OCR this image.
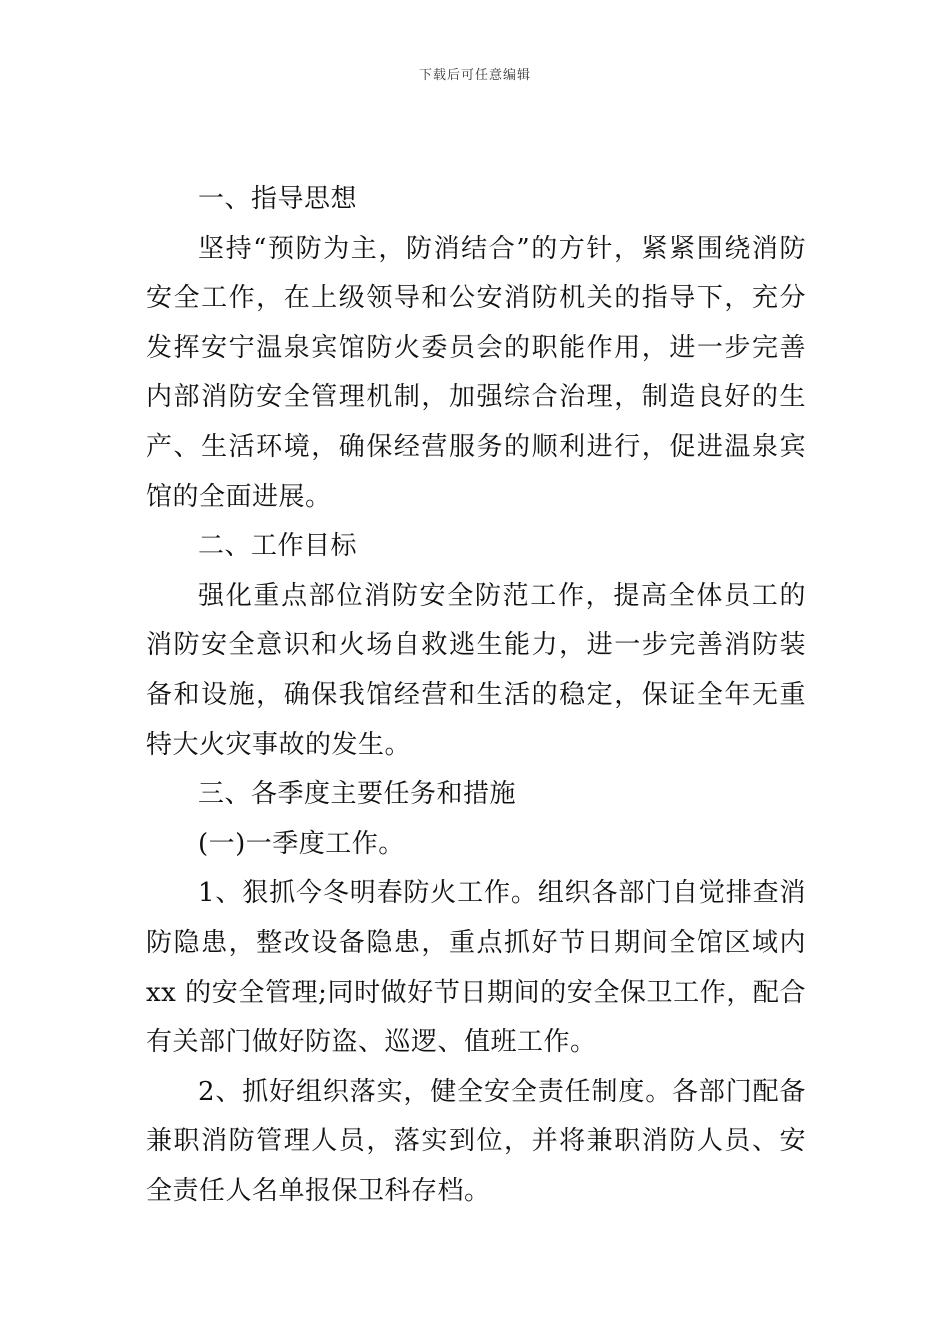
下载后可任意编辑

一、指导思想

坚持“预防为主，防消结合”的方针，紧紧围绕消防安全工作，在上级领导和公安消防机关的指导下，充分发挥安宁温泉宾馆防火委员会的职能作用，进一步完善内部消防安全管理机制，加强综合治理，制造良好的生产、生活环境，确保经营服务的顺利进行，促进温泉宾馆的全面进展。

二、工作目标

强化重点部位消防安全防范工作，提高全体员工的消防安全意识和火场自救逃生能力，进一步完善消防装备和设施，确保我馆经营和生活的稳定，保证全年无重特大火灾事故的发生。

三、各季度主要任务和措施

(一)一季度工作。

1、狠抓今冬明春防火工作。组织各部门自觉排查消防隐患，整改设备隐患，重点抓好节日期间全馆区域内 xx 的安全管理;同时做好节日期间的安全保卫工作，配合有关部门做好防盗、巡逻、值班工作。

2、抓好组织落实，健全安全责任制度。各部门配备兼职消防管理人员，落实到位，并将兼职消防人员、安全责任人名单报保卫科存档。
